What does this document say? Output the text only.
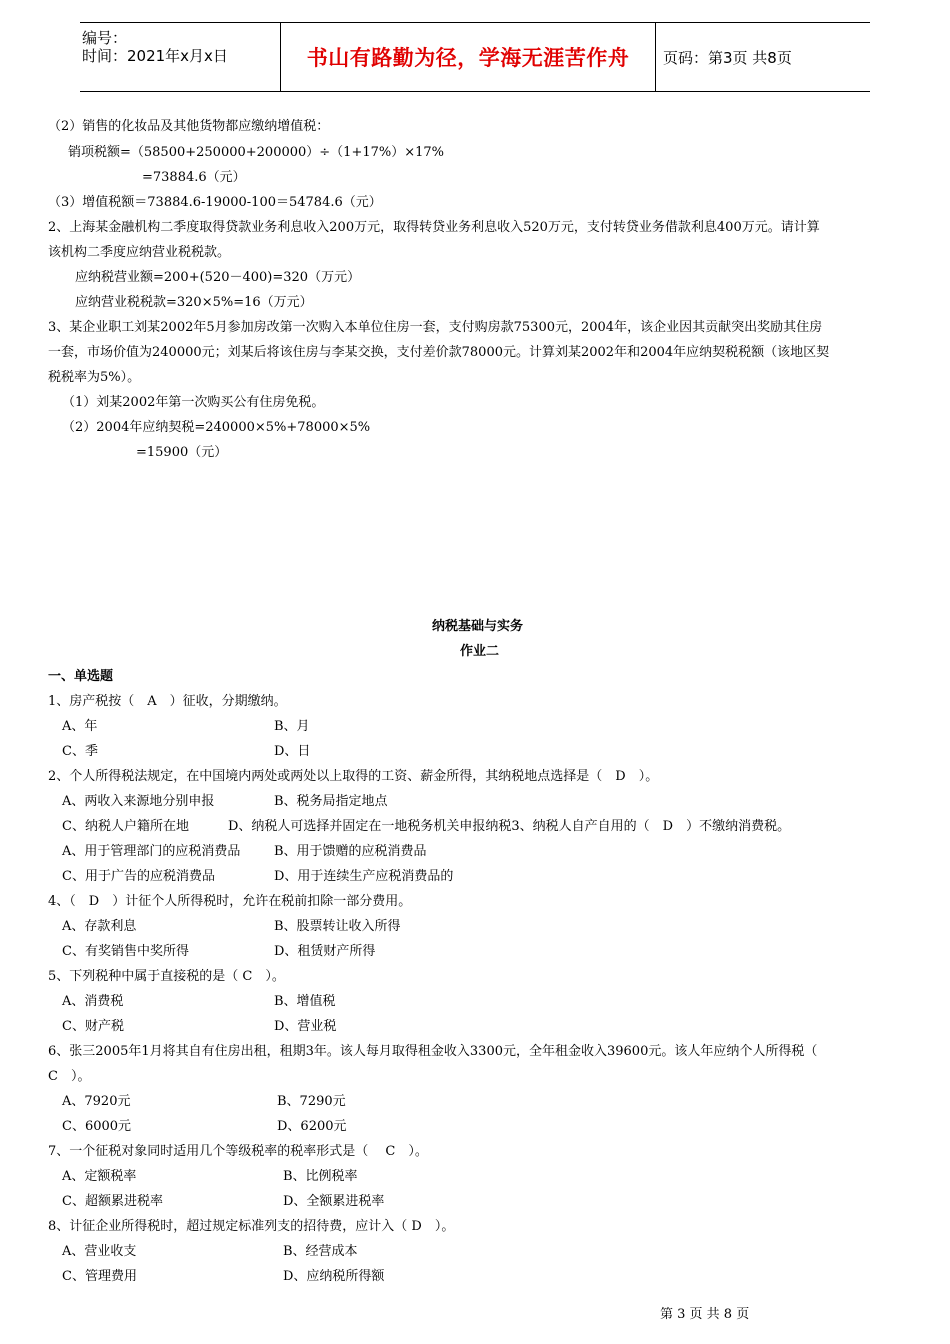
编号：
时间：2021年x月x日	书山有路勤为径，学海无涯苦作舟 页码：第3页 共8页
（2）销售的化妆品及其他货物都应缴纳增值税：
销项税额=（58500+250000+200000）÷（1+17%）×17%
=73884.6（元）
（3）增值税额＝73884.6-19000-100＝54784.6（元）
2、上海某金融机构二季度取得贷款业务利息收入200万元，取得转贷业务利息收入520万元，支付转贷业务借款利息400万元。请计算
该机构二季度应纳营业税税款。
应纳税营业额=200+(520－400)=320（万元）
应纳营业税税款=320×5%=16（万元）
3、某企业职工刘某2002年5月参加房改第一次购入本单位住房一套，支付购房款75300元，2004年，该企业因其贡献突出奖励其住房
一套，市场价值为240000元；刘某后将该住房与李某交换，支付差价款78000元。计算刘某2002年和2004年应纳契税税额（该地区契
税税率为5%）。
（1）刘某2002年第一次购买公有住房免税。
（2）2004年应纳契税=240000×5%+78000×5%
=15900（元）
纳税基础与实务
作业二
一、单选题
1、房产税按（　A　）征收，分期缴纳。
A、年	B、月
C、季	D、日
2、个人所得税法规定，在中国境内两处或两处以上取得的工资、薪金所得，其纳税地点选择是（　D　）。
A、两收入来源地分别申报	B、税务局指定地点
C、纳税人户籍所在地　　　D、纳税人可选择并固定在一地税务机关申报纳税3、纳税人自产自用的（　D　）不缴纳消费税。
A、用于管理部门的应税消费品	B、用于馈赠的应税消费品
C、用于广告的应税消费品	D、用于连续生产应税消费品的
4、（　D　）计征个人所得税时，允许在税前扣除一部分费用。
A、存款利息	B、股票转让收入所得
C、有奖销售中奖所得	D、租赁财产所得
5、下列税种中属于直接税的是（ C　）。
A、消费税	B、增值税
C、财产税	D、营业税
6、张三2005年1月将其自有住房出租，租期3年。该人每月取得租金收入3300元，全年租金收入39600元。该人年应纳个人所得税（
C　）。
A、7920元	B、7290元
C、6000元	D、6200元
7、一个征税对象同时适用几个等级税率的税率形式是（　 C　）。
A、定额税率	B、比例税率
C、超额累进税率	D、全额累进税率
8、计征企业所得税时，超过规定标准列支的招待费，应计入（ D　）。
A、营业收支	B、经营成本
C、管理费用	D、应纳税所得额
第 3 页 共 8 页
